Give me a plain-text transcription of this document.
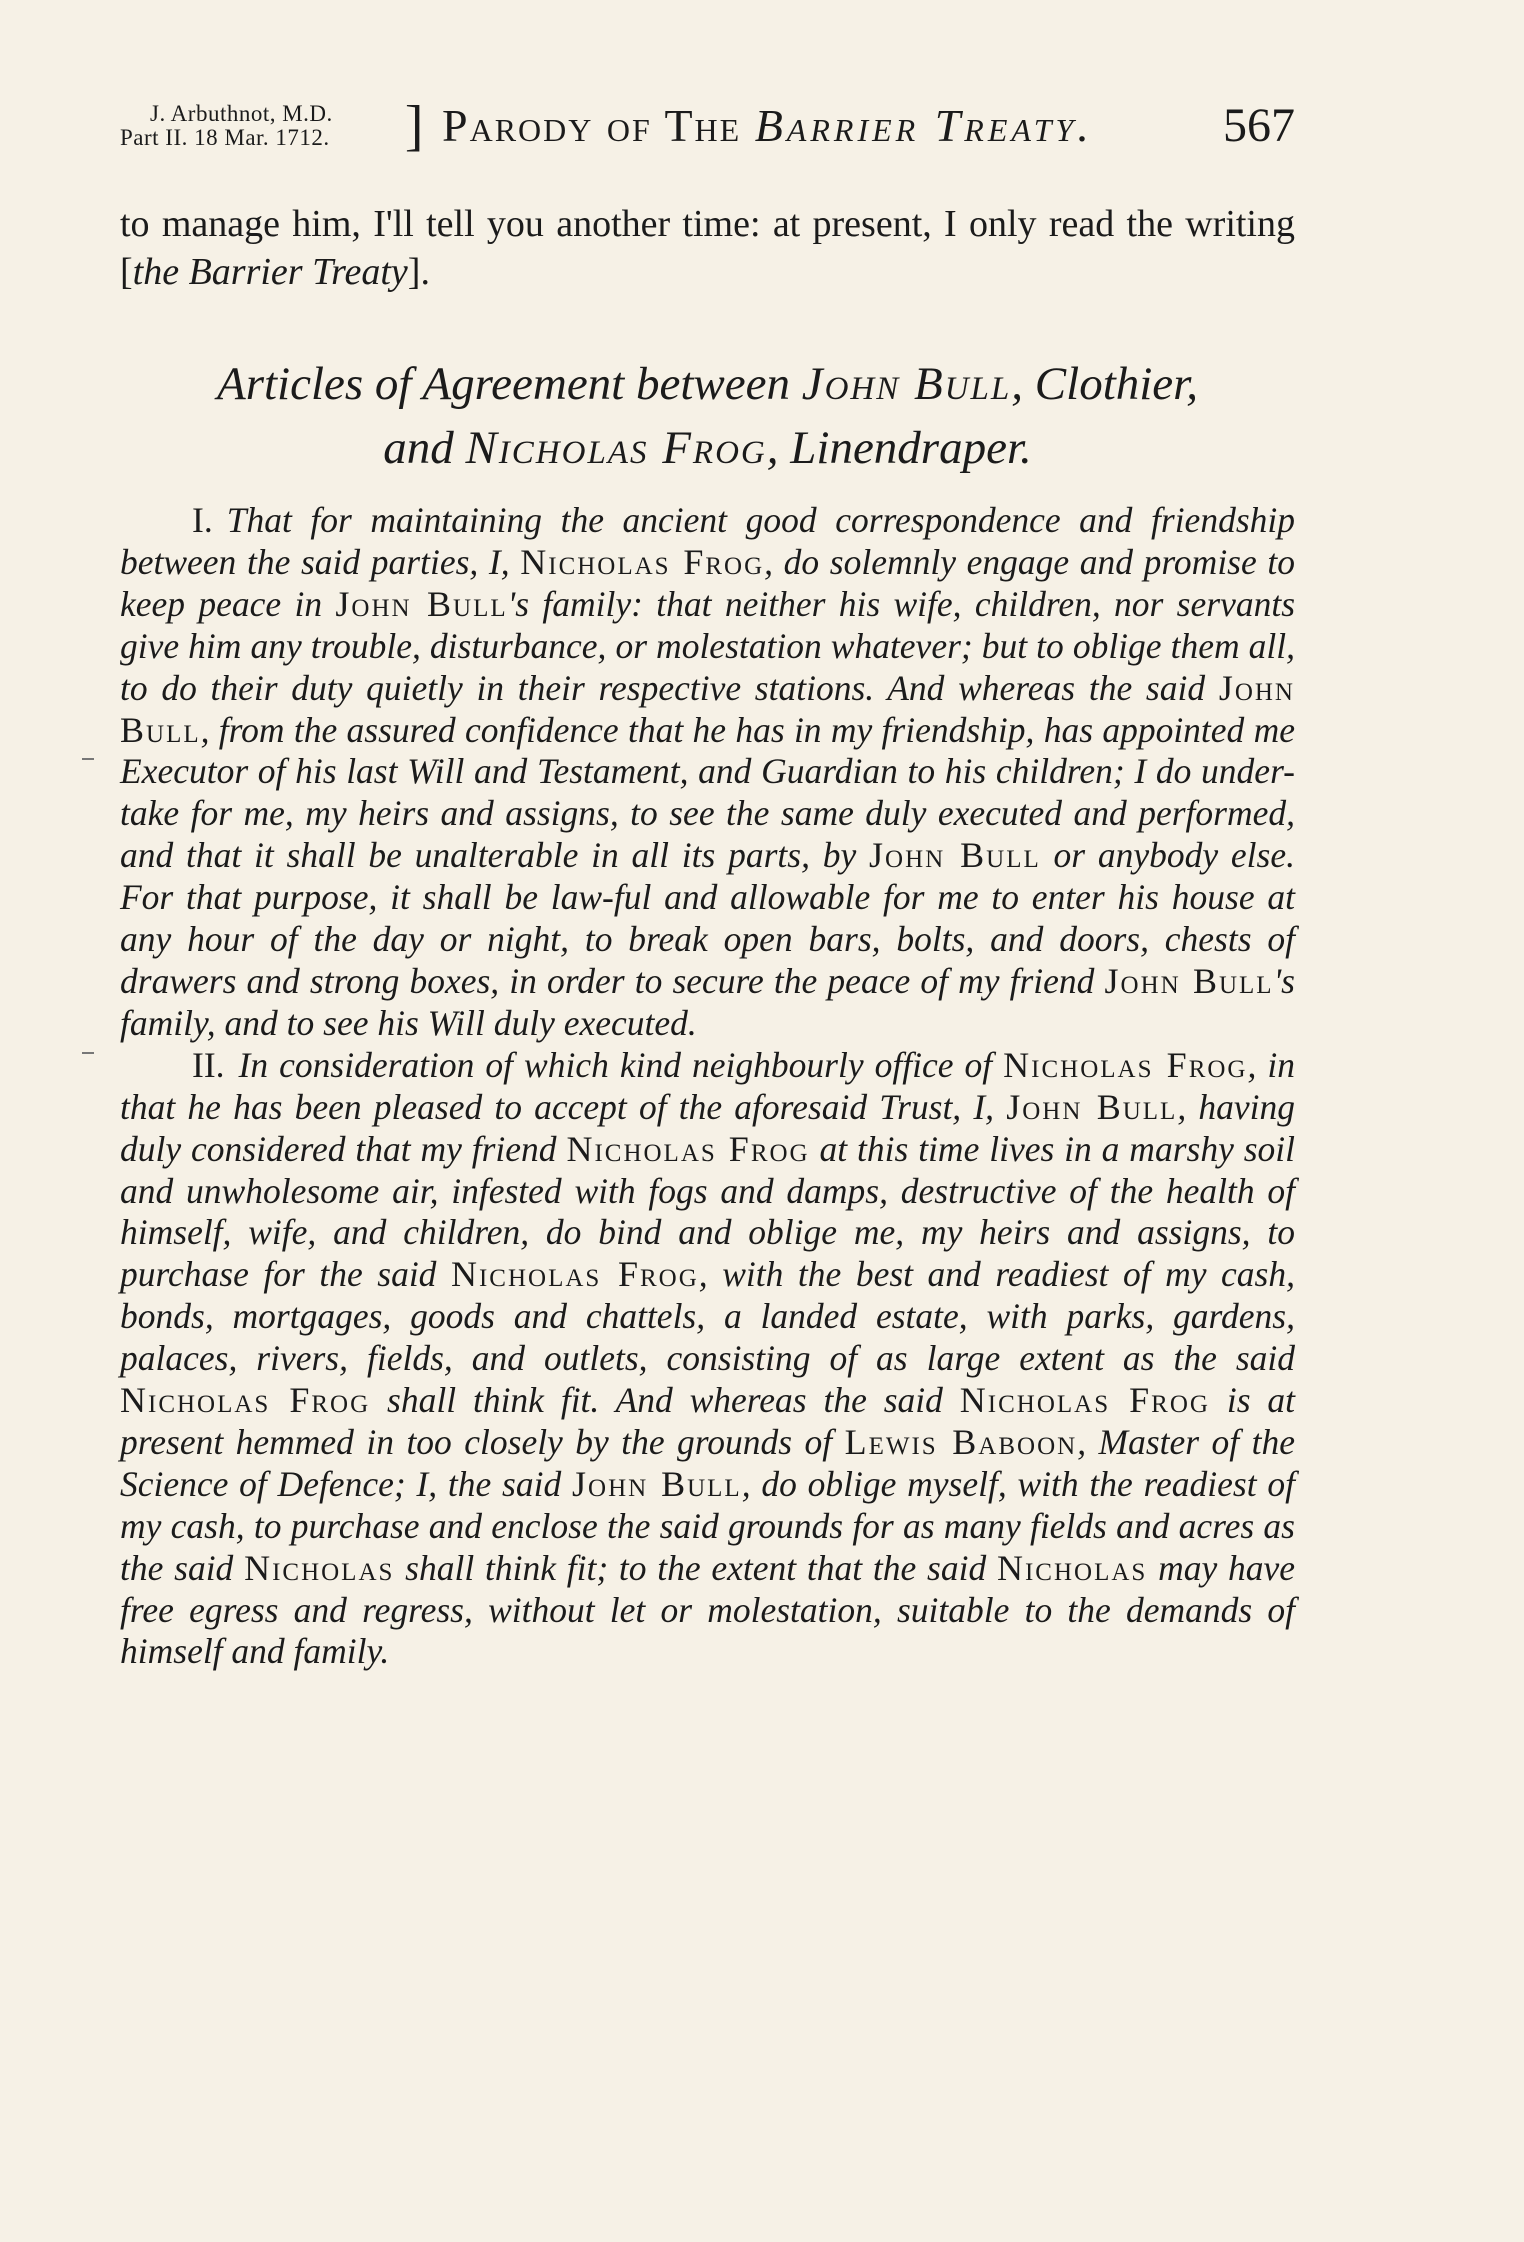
J. Arbuthnot, M.D.
Part II. 18 Mar. 1712.	] Parody of The Barrier Treaty.	567
to manage him, I'll tell you another time: at present, I only read the writing [the Barrier Treaty].
Articles of Agreement between John Bull, Clothier,
and Nicholas Frog, Linendraper.

I. That for maintaining the ancient good correspondence and friendship between the said parties, I, Nicholas Frog, do solemnly engage and promise to keep peace in John Bull's family: that neither his wife, children, nor servants give him any trouble, disturbance, or molestation whatever; but to oblige them all, to do their duty quietly in their respective stations. And whereas the said John Bull, from the assured confidence that he has in my friendship, has appointed me Executor of his last Will and Testament, and Guardian to his children; I do under-take for me, my heirs and assigns, to see the same duly executed and performed, and that it shall be unalterable in all its parts, by John Bull or anybody else. For that purpose, it shall be law-ful and allowable for me to enter his house at any hour of the day or night, to break open bars, bolts, and doors, chests of drawers and strong boxes, in order to secure the peace of my friend John Bull's family, and to see his Will duly executed.

II. In consideration of which kind neighbourly office of Nicholas Frog, in that he has been pleased to accept of the aforesaid Trust, I, John Bull, having duly considered that my friend Nicholas Frog at this time lives in a marshy soil and unwholesome air, infested with fogs and damps, destructive of the health of himself, wife, and children, do bind and oblige me, my heirs and assigns, to purchase for the said Nicholas Frog, with the best and readiest of my cash, bonds, mortgages, goods and chattels, a landed estate, with parks, gardens, palaces, rivers, fields, and outlets, consisting of as large extent as the said Nicholas Frog shall think fit. And whereas the said Nicholas Frog is at present hemmed in too closely by the grounds of Lewis Baboon, Master of the Science of Defence; I, the said John Bull, do oblige myself, with the readiest of my cash, to purchase and enclose the said grounds for as many fields and acres as the said Nicholas shall think fit; to the extent that the said Nicholas may have free egress and regress, without let or molestation, suitable to the demands of himself and family.
